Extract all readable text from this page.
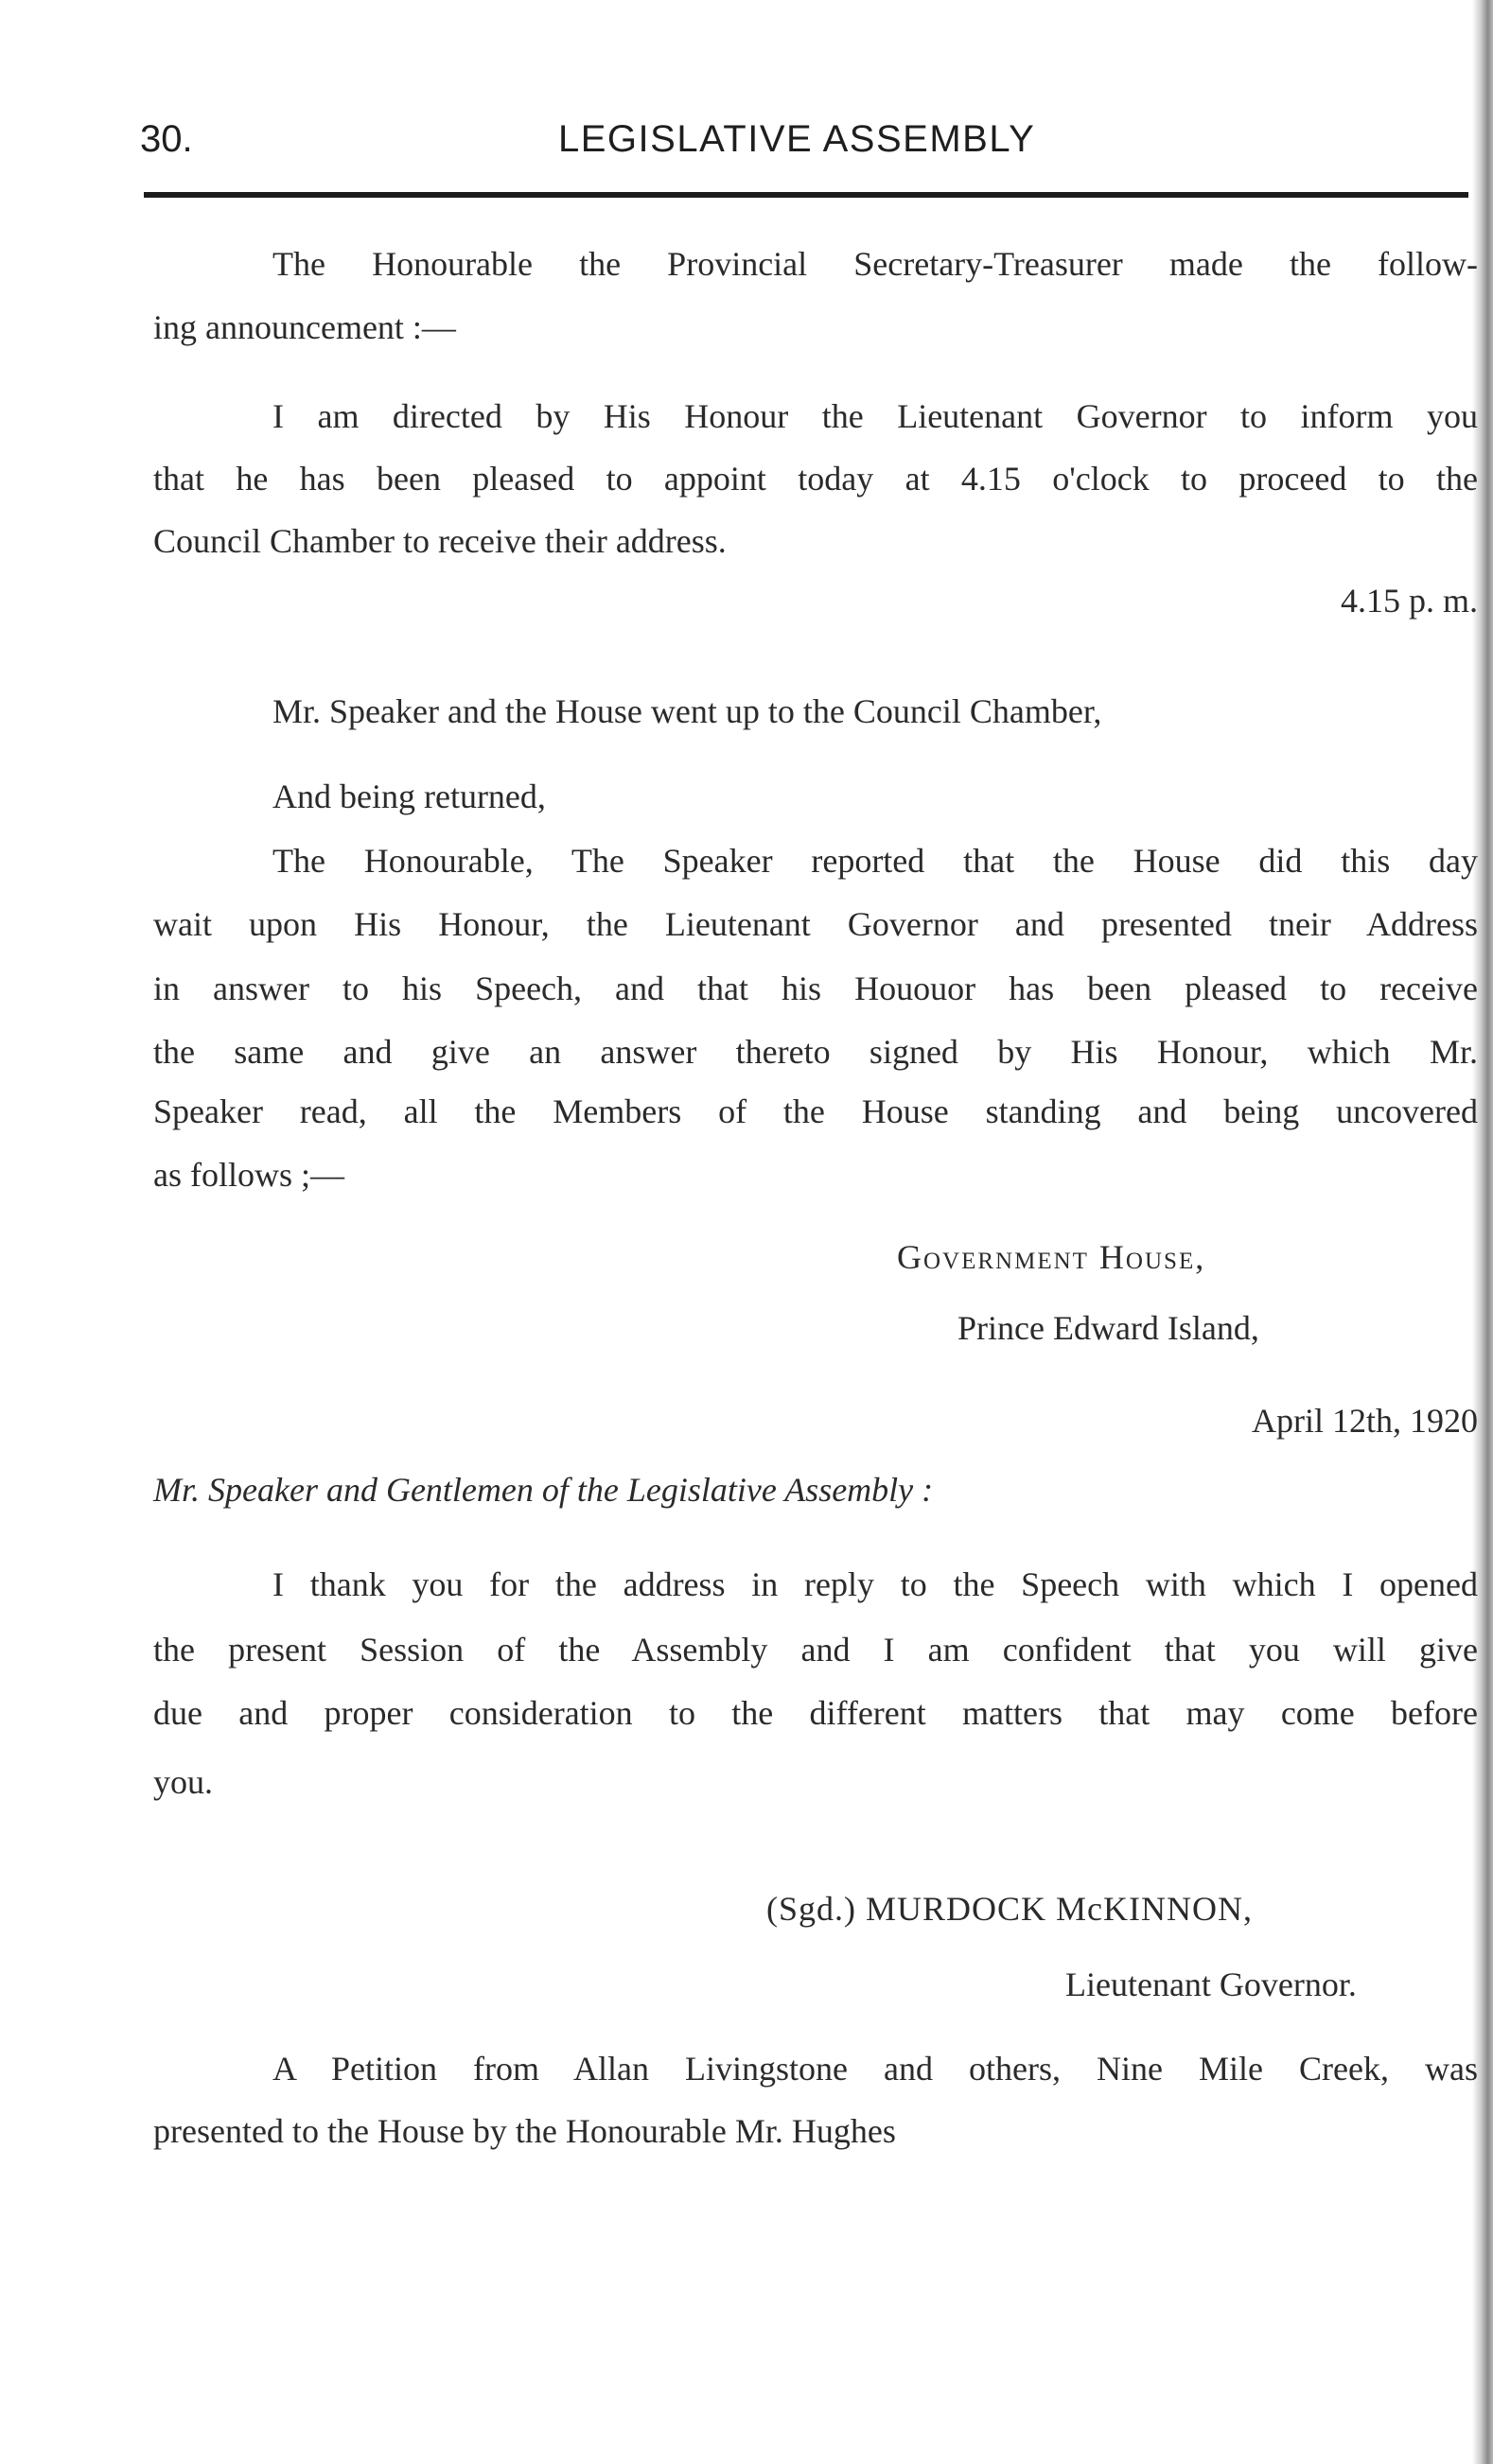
30.	LEGISLATIVE ASSEMBLY
The Honourable the Provincial Secretary-Treasurer made the follow-
ing announcement :—
I am directed by His Honour the Lieutenant Governor to inform you
that he has been pleased to appoint today at 4.15 o'clock to proceed to the
Council Chamber to receive their address.
4.15 p. m.
Mr. Speaker and the House went up to the Council Chamber,
And being returned,
The Honourable, The Speaker reported that the House did this day
wait upon His Honour, the Lieutenant Governor and presented tneir Address
in answer to his Speech, and that his Hououor has been pleased to receive
the same and give an answer thereto signed by His Honour, which Mr.
Speaker read, all the Members of the House standing and being uncovered
as follows ;—
Government House,
Prince Edward Island,
April 12th, 1920
Mr. Speaker and Gentlemen of the Legislative Assembly :
I thank you for the address in reply to the Speech with which I opened
the present Session of the Assembly and I am confident that you will give
due and proper consideration to the different matters that may come before
you.
(Sgd.) MURDOCK McKINNON,
Lieutenant Governor.
A Petition from Allan Livingstone and others, Nine Mile Creek, was
presented to the House by the Honourable Mr. Hughes
